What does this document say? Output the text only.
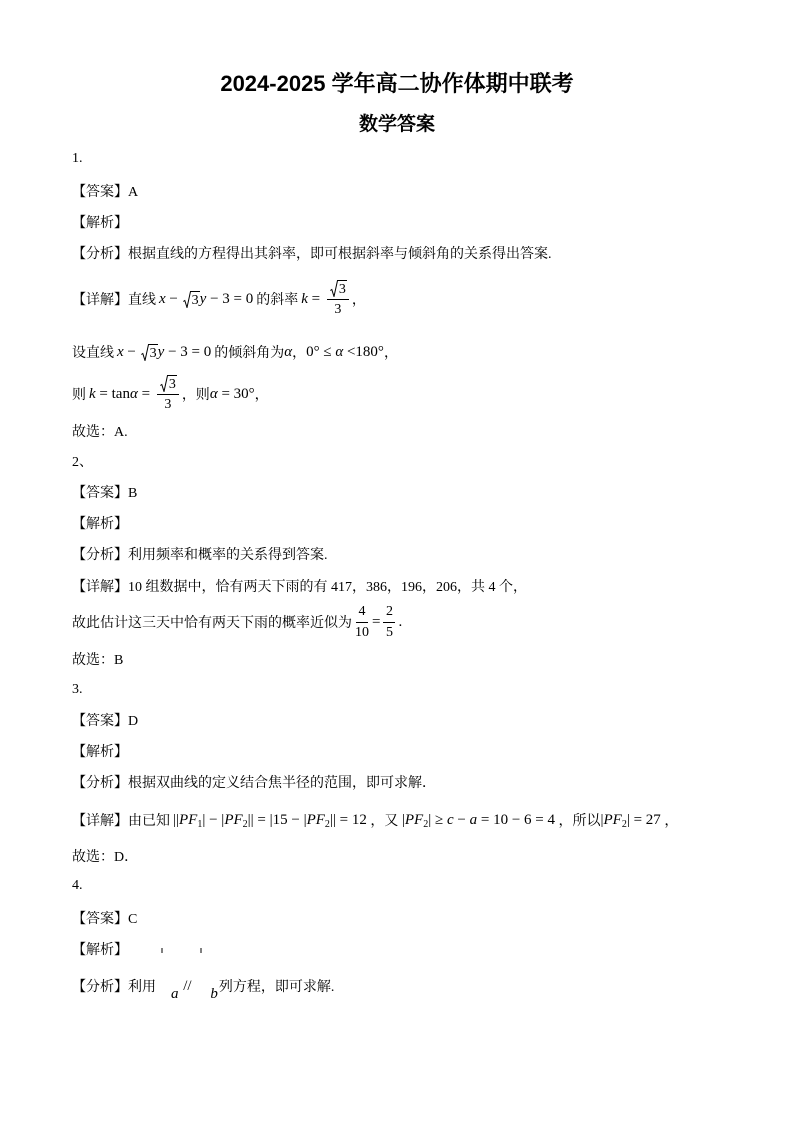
2024-2025 学年高二协作体期中联考
数学答案
1.
【答案】A
【解析】
【分析】根据直线的方程得出其斜率，即可根据斜率与倾斜角的关系得出答案.
【详解】 直线 x − 3 y − 3 = 0 的斜率 $k = \frac{3}{3}$ ，
设直线 x − 3 y − 3 = 0 的倾斜角为 α ， 0° ≤ α <180° ，
则 $k = \tan \alpha = \frac{3}{3}$ ，则 α = 30° ，
故选：A.
2、
【答案】B
【解析】
【分析】利用频率和概率的关系得到答案.
【详解】10 组数据中，恰有两天下雨的有 417，386，196，206，共 4 个，
故此估计这三天中恰有两天下雨的概率近似为 $\frac{4}{10} = \frac{2}{5}$ .
故选：B
3.
【答案】D
【解析】
【分析】根据双曲线的定义结合焦半径的范围，即可求解．
【详解】 由已知 || PF 1 | − | PF 2 || = |15 − | PF 2 || = 12 ，又 | PF 2 | ≥ c − a = 10 − 6 = 4 ，所以 | PF 2 | = 27 ，
故选：D．
4.
【答案】C
【解析】
【分析】利用

	a
//

	b
列方程，即可求解.
